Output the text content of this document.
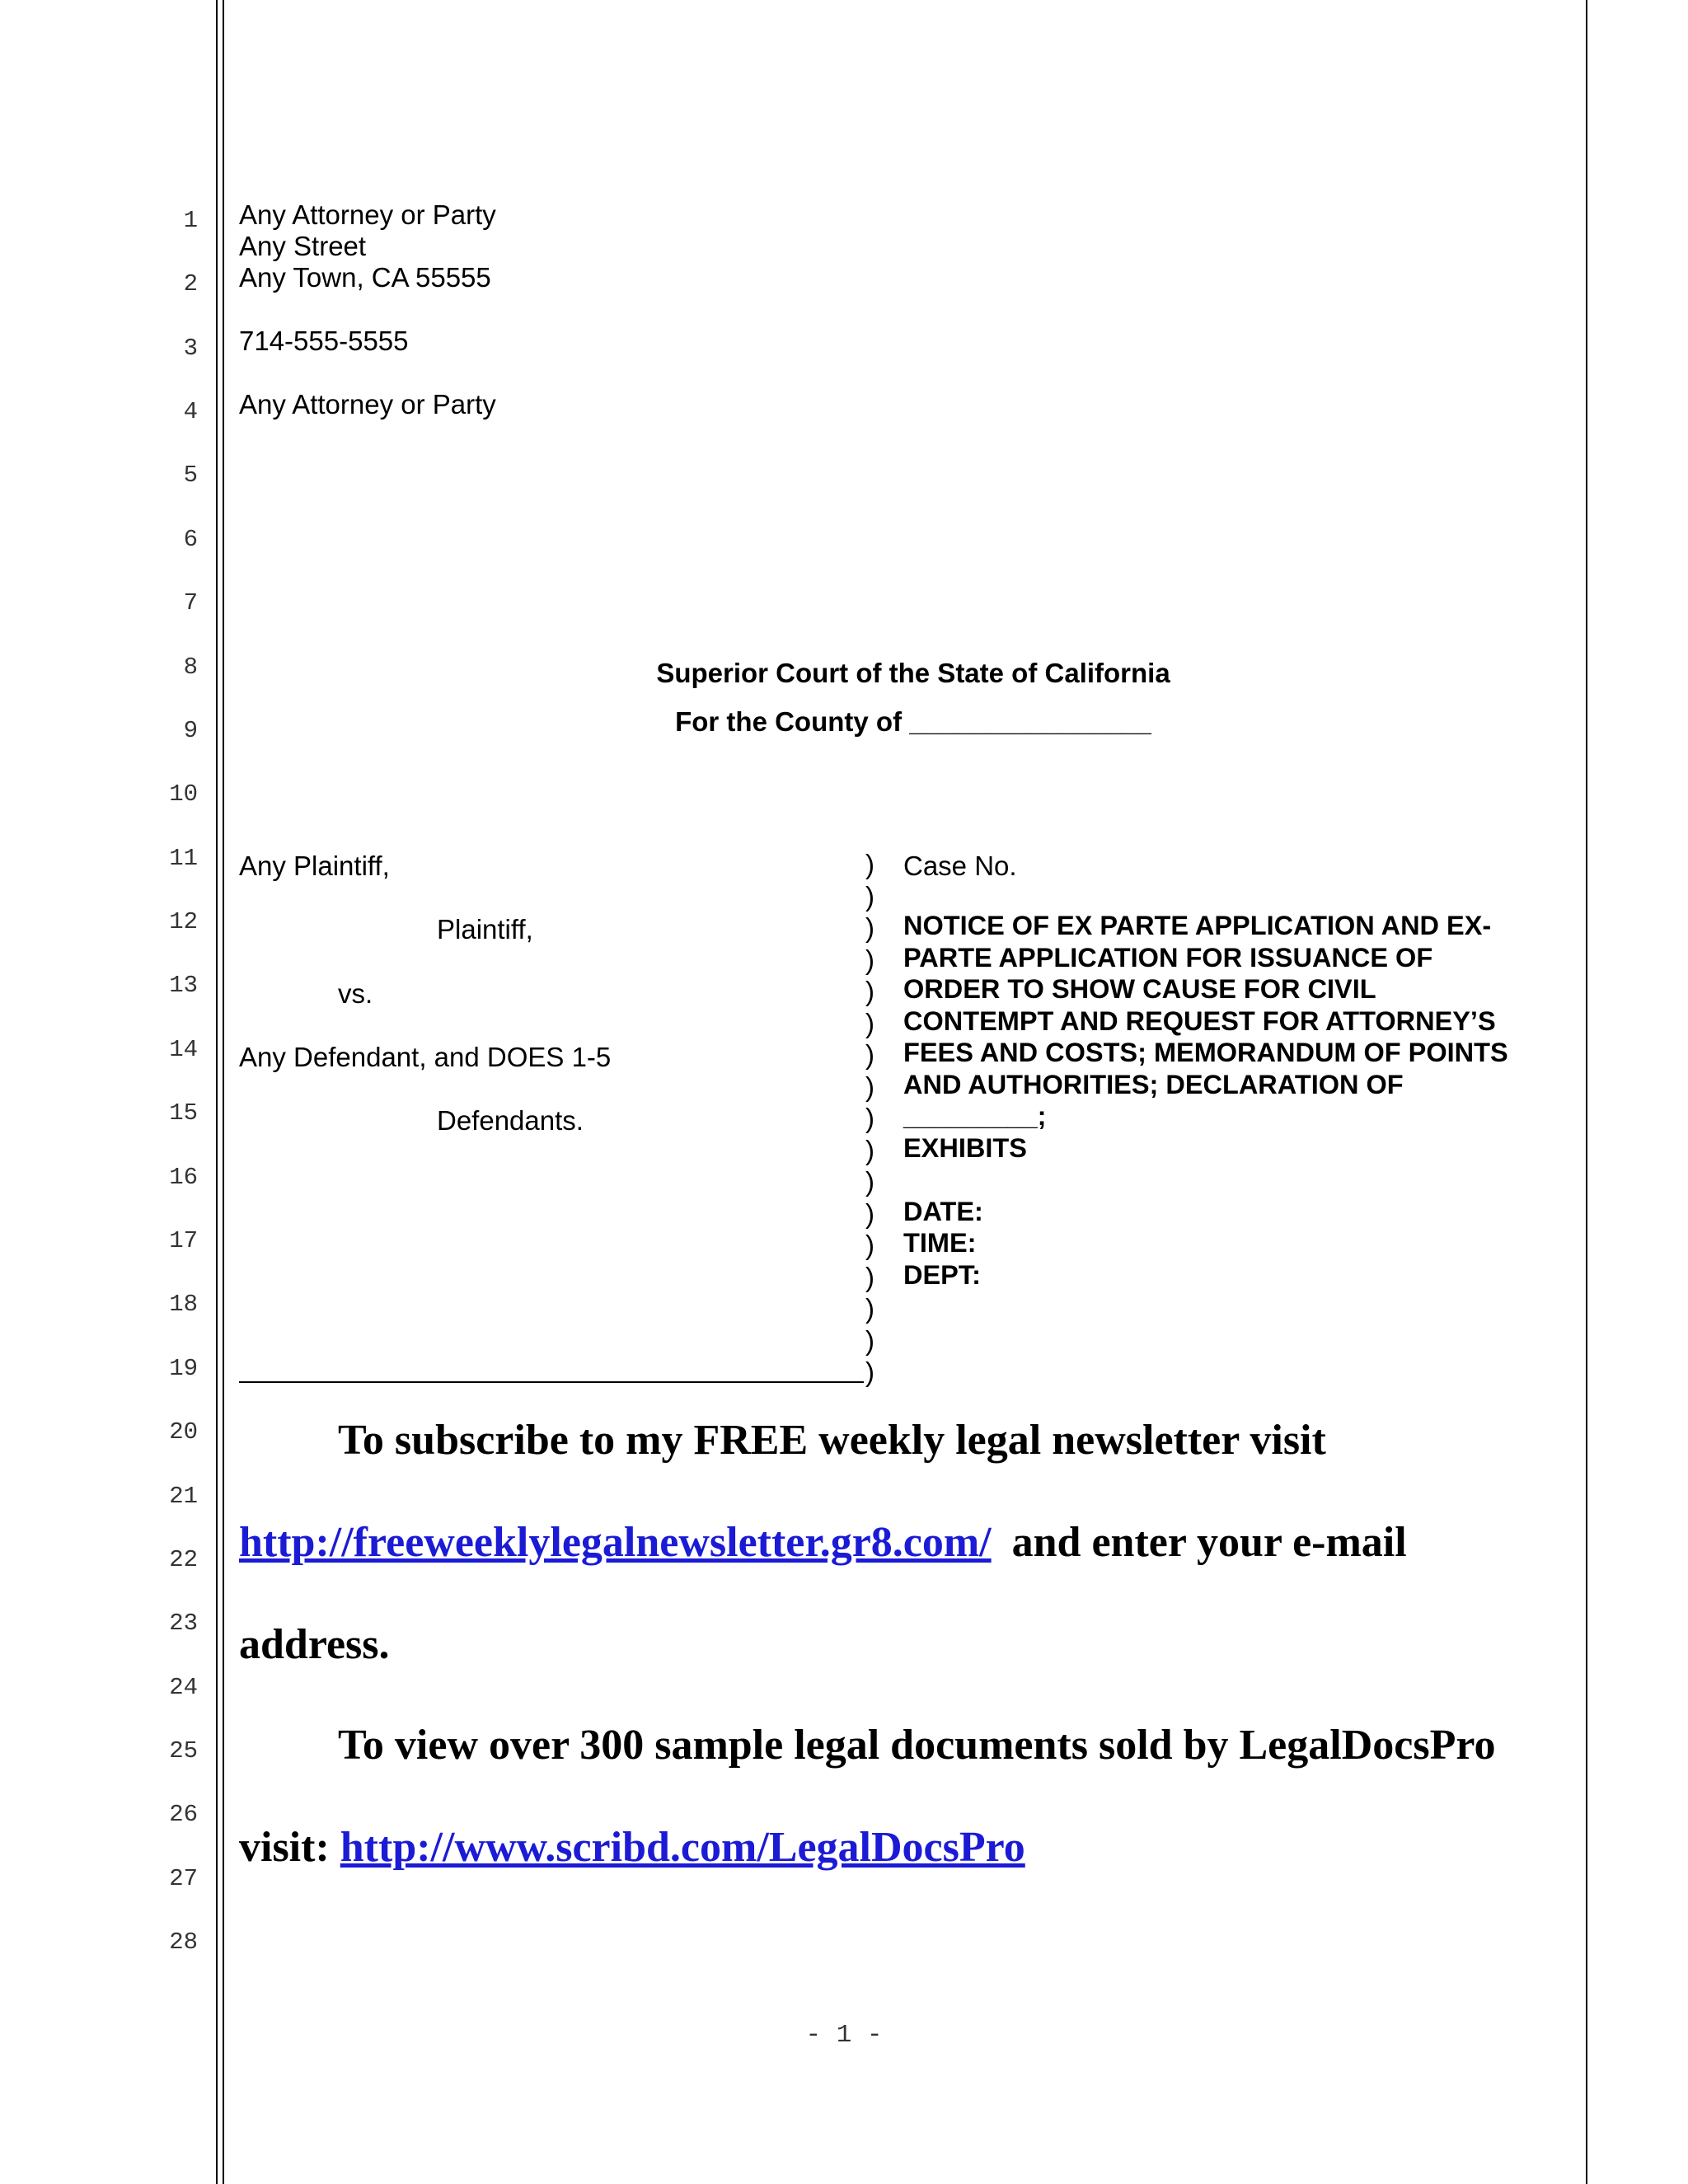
1
2
3
4
5
6
7
8
9
10
11
12
13
14
15
16
17
18
19
20
21
22
23
24
25
26
27
28
Any Attorney or Party
Any Street
Any Town, CA 55555
714-555-5555
Any Attorney or Party
Superior Court of the State of California
For the County of ________________
Any Plaintiff,
Plaintiff,
vs.
Any Defendant, and DOES 1-5
Defendants.
)
)
)
)
)
)
)
)
)
)
)
)
)
)
)
)
)
Case No.
NOTICE OF EX PARTE APPLICATION AND EX-
PARTE APPLICATION FOR ISSUANCE OF
ORDER TO SHOW CAUSE FOR CIVIL
CONTEMPT AND REQUEST FOR ATTORNEY’S
FEES AND COSTS; MEMORANDUM OF POINTS
AND AUTHORITIES; DECLARATION OF
_________;
EXHIBITS
DATE:
TIME:
DEPT:
To subscribe to my FREE weekly legal newsletter visit
http://freeweeklylegalnewsletter.gr8.com/ and enter your e-mail
address.
To view over 300 sample legal documents sold by LegalDocsPro
visit: http://www.scribd.com/LegalDocsPro
- 1 -
